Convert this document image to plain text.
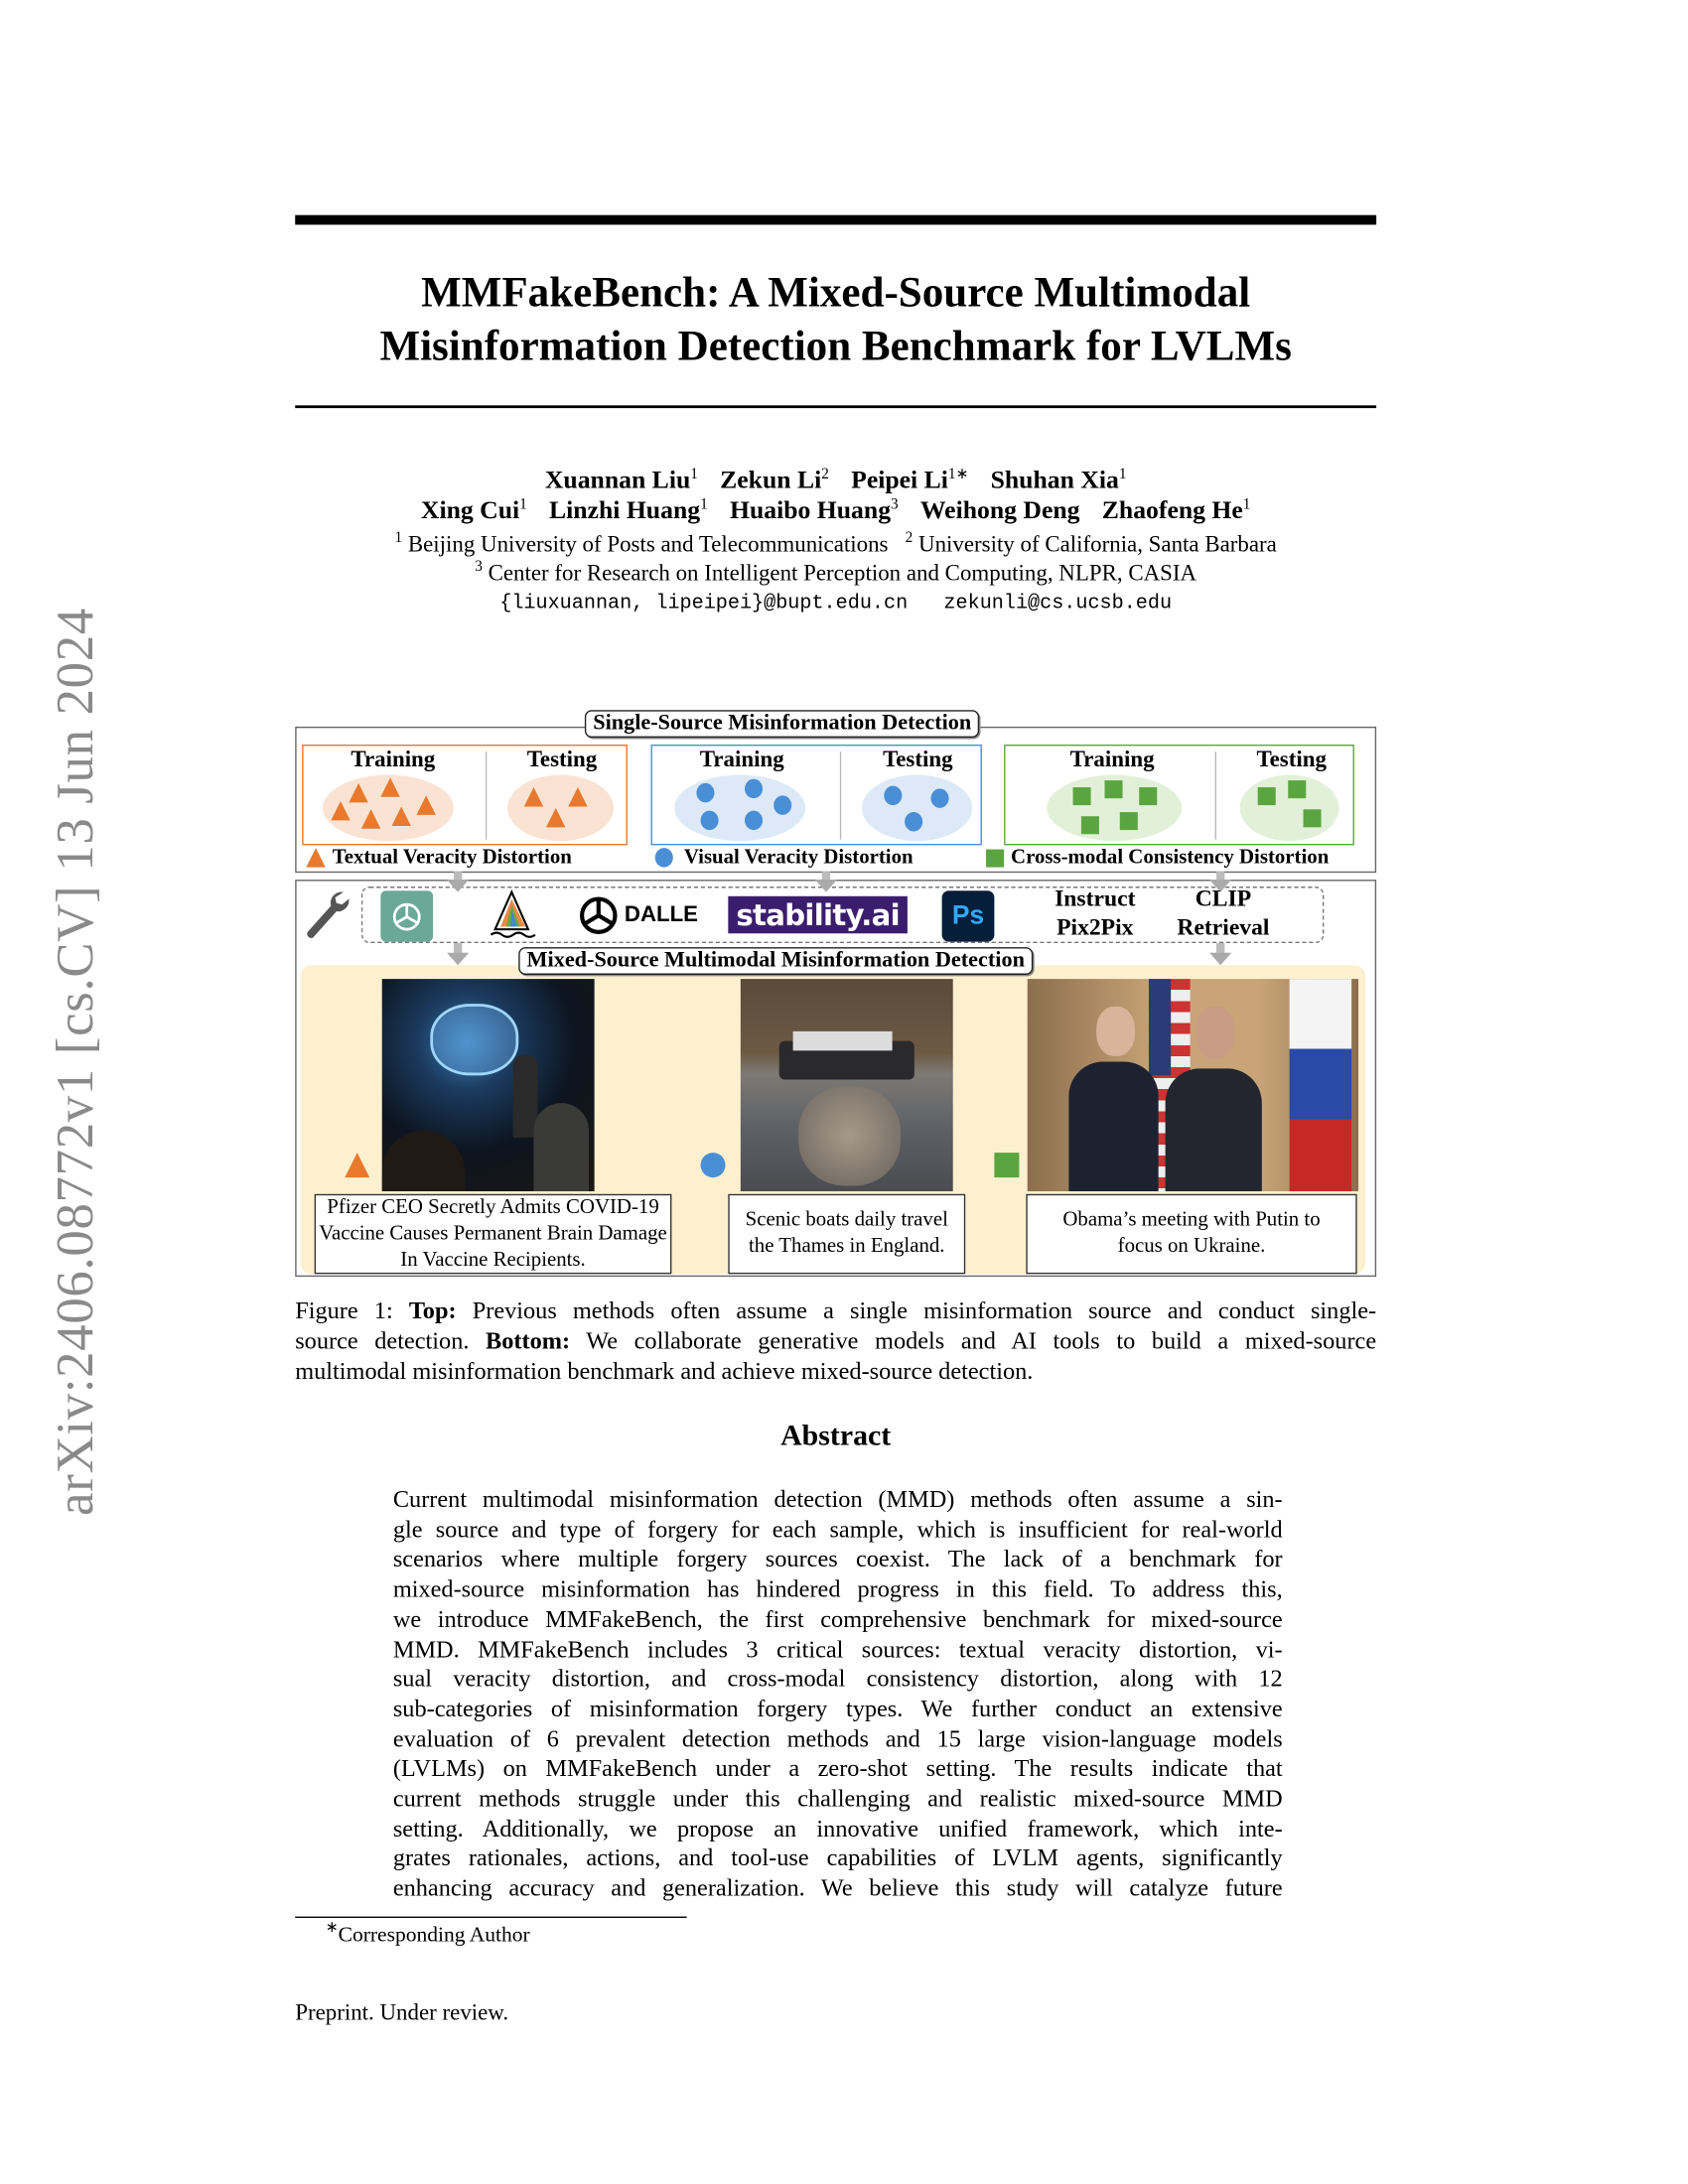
arXiv:2406.08772v1 [cs.CV] 13 Jun 2024
MMFakeBench: A Mixed-Source Multimodal
Misinformation Detection Benchmark for LVLMs
Xuannan Liu$^1$ Zekun Li$^2$ Peipei $Li^{1∗}$ Shuhan Xia$^1$
Xing Cui$^1$ Linzhi Huang$^1$ Huaibo Huang$^3$ Weihong Deng Zhaofeng He$^1$
$^1$ Beijing University of Posts and Telecommunications $^2$ University of California, Santa Barbara
$^3$ Center for Research on Intelligent Perception and Computing, NLPR, CASIA
{liuxuannan, lipeipei}@bupt.edu.cn	zekunli@cs.ucsb.edu
Single-Source Misinformation Detection
Training	Testing	Training	Testing	Training	Testing
Textual Veracity Distortion	Visual Veracity Distortion	Cross-modal Consistency Distortion
DALLE	stability.ai	Ps
Instruct
Pix2Pix
CLIP
Retrieval
Mixed-Source Multimodal Misinformation Detection
Pfizer CEO Secretly Admits COVID-19 Vaccine Causes Permanent Brain Damage In Vaccine Recipients.
Scenic boats daily travel the Thames in England.
Obama’s meeting with Putin to focus on Ukraine.
Figure 1: Top: Previous methods often assume a single misinformation source and conduct single-
source detection. Bottom: We collaborate generative models and AI tools to build a mixed-source
multimodal misinformation benchmark and achieve mixed-source detection.
Abstract
Current multimodal misinformation detection (MMD) methods often assume a sin-
gle source and type of forgery for each sample, which is insufficient for real-world
scenarios where multiple forgery sources coexist. The lack of a benchmark for
mixed-source misinformation has hindered progress in this field. To address this,
we introduce MMFakeBench, the first comprehensive benchmark for mixed-source
MMD. MMFakeBench includes 3 critical sources: textual veracity distortion, vi-
sual veracity distortion, and cross-modal consistency distortion, along with 12
sub-categories of misinformation forgery types. We further conduct an extensive
evaluation of 6 prevalent detection methods and 15 large vision-language models
(LVLMs) on MMFakeBench under a zero-shot setting. The results indicate that
current methods struggle under this challenging and realistic mixed-source MMD
setting. Additionally, we propose an innovative unified framework, which inte-
grates rationales, actions, and tool-use capabilities of LVLM agents, significantly
enhancing accuracy and generalization. We believe this study will catalyze future
∗Corresponding Author
Preprint. Under review.
